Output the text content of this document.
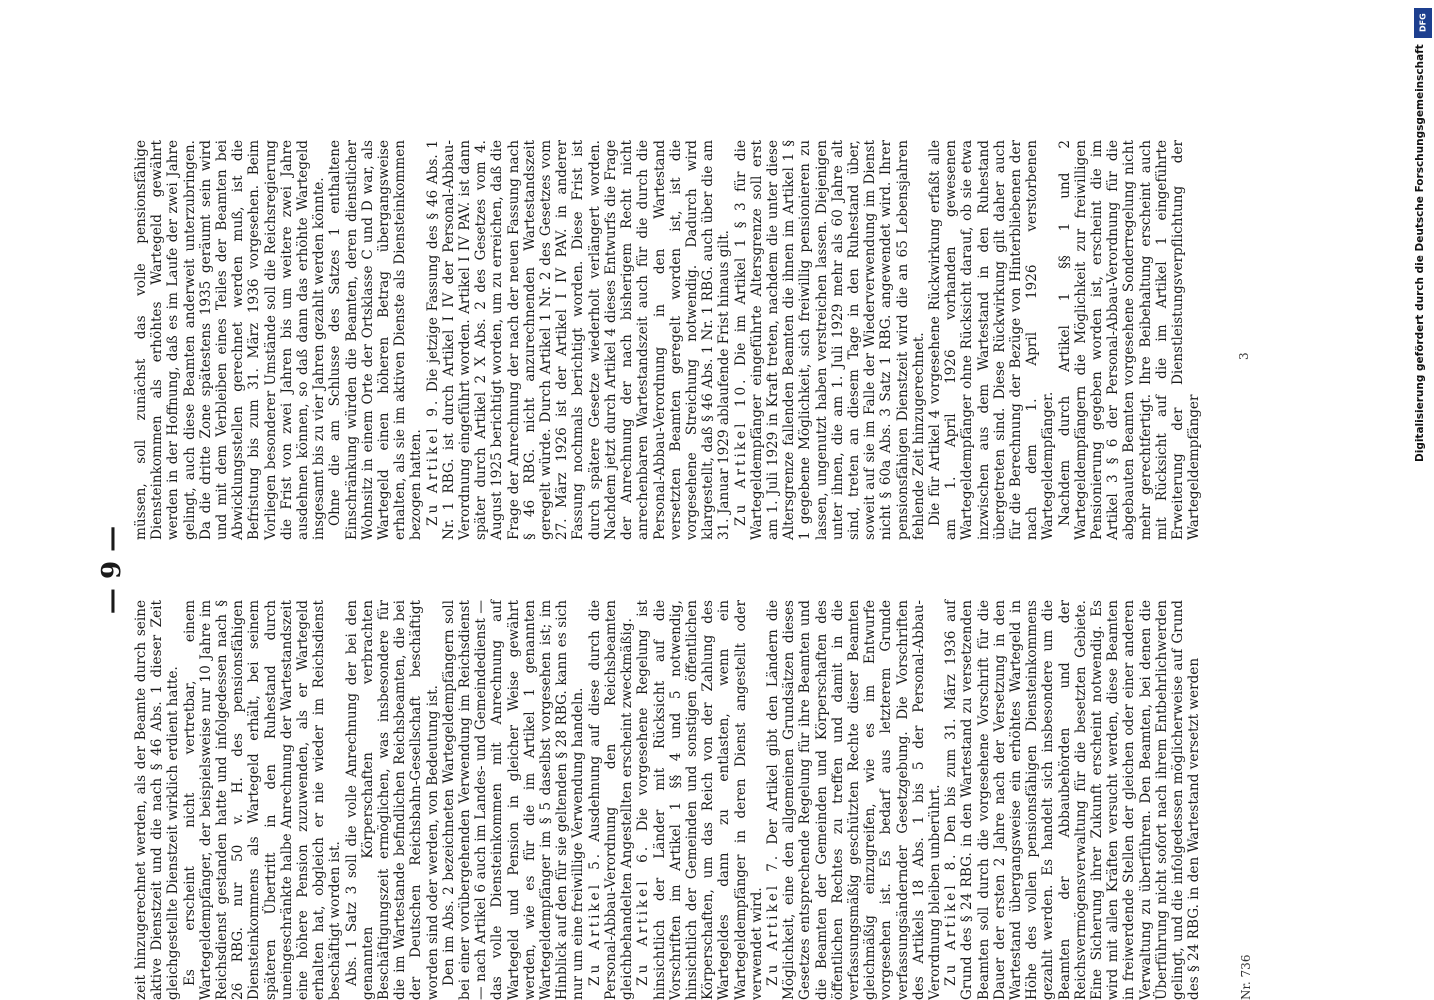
— 9 —

zeit hinzugerechnet werden, als der Beamte durch seine aktive Dienstzeit und die nach § 46 Abs. 1 dieser Zeit gleichgestellte Dienstzeit wirklich erdient hatte. Es erscheint nicht vertretbar, einem Wartegeldempfänger, der beispielsweise nur 10 Jahre im Reichsdienst gestanden hatte und infolgedessen nach § 26 RBG. nur 50 v. H. des pensionsfähigen Diensteinkommens als Wartegeld erhält, bei seinem späteren Übertritt in den Ruhestand durch uneingeschränkte halbe Anrechnung der Wartestandszeit eine höhere Pension zuzuwenden, als er Wartegeld erhalten hat, obgleich er nie wieder im Reichsdienst beschäftigt worden ist. Abs. 1 Satz 3 soll die volle Anrechnung der bei den genannten Körperschaften verbrachten Beschäftigungszeit ermöglichen, was insbesondere für die im Wartestande befindlichen Reichsbeamten, die bei der Deutschen Reichsbahn-Gesellschaft beschäftigt worden sind oder werden, von Bedeutung ist. Den im Abs. 2 bezeichneten Wartegeldempfängern soll bei einer vorübergehenden Verwendung im Reichsdienst — nach Artikel 6 auch im Landes- und Gemeindedienst — das volle Diensteinkommen mit Anrechnung auf Wartegeld und Pension in gleicher Weise gewährt werden, wie es für die im Artikel 1 genannten Wartegeldempfänger im § 5 daselbst vorgesehen ist; im Hinblick auf den für sie geltenden § 28 RBG. kann es sich nur um eine freiwillige Verwendung handeln. Zu Artikel 5. Ausdehnung auf diese durch die Personal-Abbau-Verordnung den Reichsbeamten gleichbehandelten Angestellten erscheint zweckmäßig. Zu Artikel 6. Die vorgesehene Regelung ist hinsichtlich der Länder mit Rücksicht auf die Vorschriften im Artikel 1 §§ 4 und 5 notwendig, hinsichtlich der Gemeinden und sonstigen öffentlichen Körperschaften, um das Reich von der Zahlung des Wartegeldes dann zu entlasten, wenn ein Wartegeldempfänger in deren Dienst angestellt oder verwendet wird. Zu Artikel 7. Der Artikel gibt den Ländern die Möglichkeit, eine den allgemeinen Grundsätzen dieses Gesetzes entsprechende Regelung für ihre Beamten und die Beamten der Gemeinden und Körperschaften des öffentlichen Rechtes zu treffen und damit in die verfassungsmäßig geschützten Rechte dieser Beamten gleichmäßig einzugreifen, wie es im Entwurfe vorgesehen ist. Es bedarf aus letzterem Grunde verfassungsändernder Gesetzgebung. Die Vorschriften des Artikels 18 Abs. 1 bis 5 der Personal-Abbau-Verordnung bleiben unberührt. Zu Artikel 8. Den bis zum 31. März 1936 auf Grund des § 24 RBG. in den Wartestand zu versetzenden Beamten soll durch die vorgesehene Vorschrift für die Dauer der ersten 2 Jahre nach der Versetzung in den Wartestand übergangsweise ein erhöhtes Wartegeld in Höhe des vollen pensionsfähigen Diensteinkommens gezahlt werden. Es handelt sich insbesondere um die Beamten der Abbaubehörden und der Reichsvermögensverwaltung für die besetzten Gebiete. Eine Sicherung ihrer Zukunft erscheint notwendig. Es wird mit allen Kräften versucht werden, diese Beamten in freiwerdende Stellen der gleichen oder einer anderen Verwaltung zu überführen. Den Beamten, bei denen die Überführung nicht sofort nach ihrem Entbehrlichwerden gelingt, und die infolgedessen möglicherweise auf Grund des § 24 RBG. in den Wartestand versetzt werden

müssen, soll zunächst das volle pensionsfähige Diensteinkommen als erhöhtes Wartegeld gewährt werden in der Hoffnung, daß es im Laufe der zwei Jahre gelingt, auch diese Beamten anderweit unterzubringen. Da die dritte Zone spätestens 1935 geräumt sein wird und mit dem Verbleiben eines Teiles der Beamten bei Abwicklungsstellen gerechnet werden muß, ist die Befristung bis zum 31. März 1936 vorgesehen. Beim Vorliegen besonderer Umstände soll die Reichsregierung die Frist von zwei Jahren bis um weitere zwei Jahre ausdehnen können, so daß dann das erhöhte Wartegeld insgesamt bis zu vier Jahren gezahlt werden könnte. Ohne die am Schlusse des Satzes 1 enthaltene Einschränkung würden die Beamten, deren dienstlicher Wohnsitz in einem Orte der Ortsklasse C und D war, als Wartegeld einen höheren Betrag übergangsweise erhalten, als sie im aktiven Dienste als Diensteinkommen bezogen hatten. Zu Artikel 9. Die jetzige Fassung des § 46 Abs. 1 Nr. 1 RBG. ist durch Artikel I IV der Personal-Abbau-Verordnung eingeführt worden. Artikel I IV PAV. ist dann später durch Artikel 2 X Abs. 2 des Gesetzes vom 4. August 1925 berichtigt worden, um zu erreichen, daß die Frage der Anrechnung der nach der neuen Fassung nach § 46 RBG. nicht anzurechnenden Wartestandszeit geregelt würde. Durch Artikel 1 Nr. 2 des Gesetzes vom 27. März 1926 ist der Artikel I IV PAV. in anderer Fassung nochmals berichtigt worden. Diese Frist ist durch spätere Gesetze wiederholt verlängert worden. Nachdem jetzt durch Artikel 4 dieses Entwurfs die Frage der Anrechnung der nach bisherigem Recht nicht anrechenbaren Wartestandszeit auch für die durch die Personal-Abbau-Verordnung in den Wartestand versetzten Beamten geregelt worden ist, ist die vorgesehene Streichung notwendig. Dadurch wird klargestellt, daß § 46 Abs. 1 Nr. 1 RBG. auch über die am 31. Januar 1929 ablaufende Frist hinaus gilt. Zu Artikel 10. Die im Artikel 1 § 3 für die Wartegeldempfänger eingeführte Altersgrenze soll erst am 1. Juli 1929 in Kraft treten, nachdem die unter diese Altersgrenze fallenden Beamten die ihnen im Artikel 1 § 1 gegebene Möglichkeit, sich freiwillig pensionieren zu lassen, ungenutzt haben verstreichen lassen. Diejenigen unter ihnen, die am 1. Juli 1929 mehr als 60 Jahre alt sind, treten an diesem Tage in den Ruhestand über, soweit auf sie im Falle der Wiederverwendung im Dienst nicht § 60a Abs. 3 Satz 1 RBG. angewendet wird. Ihrer pensionsfähigen Dienstzeit wird die an 65 Lebensjahren fehlende Zeit hinzugerechnet. Die für Artikel 4 vorgesehene Rückwirkung erfaßt alle am 1. April 1926 vorhanden gewesenen Wartegeldempfänger ohne Rücksicht darauf, ob sie etwa inzwischen aus dem Wartestand in den Ruhestand übergetreten sind. Diese Rückwirkung gilt daher auch für die Berechnung der Bezüge von Hinterbliebenen der nach dem 1. April 1926 verstorbenen Wartegeldempfänger. Nachdem durch Artikel 1 §§ 1 und 2 Wartegeldempfängern die Möglichkeit zur freiwilligen Pensionierung gegeben worden ist, erscheint die im Artikel 3 § 6 der Personal-Abbau-Verordnung für die abgebauten Beamten vorgesehene Sonderregelung nicht mehr gerechtfertigt. Ihre Beibehaltung erscheint auch mit Rücksicht auf die im Artikel 1 eingeführte Erweiterung der Dienstleistungsverpflichtung der Wartegeldempfänger

Nr. 736
3
DFG
Digitalisierung gefördert durch die Deutsche Forschungsgemeinschaft
